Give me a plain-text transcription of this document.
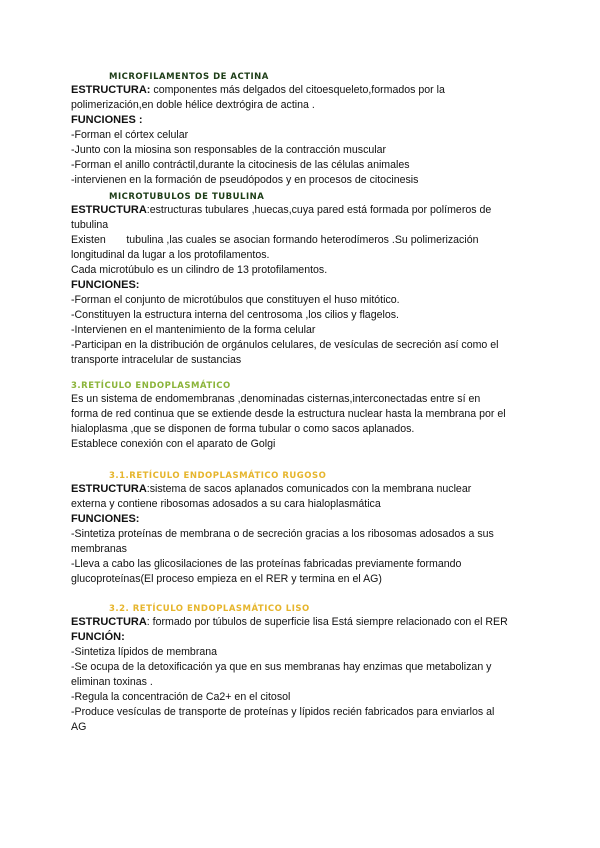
MICROFILAMENTOS DE ACTINA

ESTRUCTURA: componentes más delgados del citoesqueleto,formados por la

polimerización,en doble hélice dextrógira de actina .

FUNCIONES :

-Forman el córtex celular

-Junto con la miosina son responsables de la contracción muscular

-Forman el anillo contráctil,durante la citocinesis de las células animales

-intervienen en la formación de pseudópodos y en procesos de citocinesis

MICROTUBULOS DE TUBULINA

ESTRUCTURA:estructuras tubulares ,huecas,cuya pared está formada por polímeros de

tubulina

Existen       tubulina ,las cuales se asocian formando heterodímeros .Su polimerización

longitudinal da lugar a los protofilamentos.

Cada microtúbulo es un cilindro de 13 protofilamentos.

FUNCIONES:

-Forman el conjunto de microtúbulos que constituyen el huso mitótico.

-Constituyen la estructura interna del centrosoma ,los cilios y flagelos.

-Intervienen en el mantenimiento de la forma celular

-Participan en la distribución de orgánulos celulares, de vesículas de secreción así como el

transporte intracelular de sustancias

3.RETÍCULO ENDOPLASMÁTICO

Es un sistema de endomembranas ,denominadas cisternas,interconectadas entre sí en

forma de red continua que se extiende desde la estructura nuclear hasta la membrana por el

hialoplasma ,que se disponen de forma tubular o como sacos aplanados.

Establece conexión con el aparato de Golgi

3.1.RETÍCULO ENDOPLASMÁTICO RUGOSO

ESTRUCTURA:sistema de sacos aplanados comunicados con la membrana nuclear

externa y contiene ribosomas adosados a su cara hialoplasmática

FUNCIONES:

-Sintetiza proteínas de membrana o de secreción gracias a los ribosomas adosados a sus

membranas

-Lleva a cabo las glicosilaciones de las proteínas fabricadas previamente formando

glucoproteínas(El proceso empieza en el RER y termina en el AG)

3.2. RETÍCULO ENDOPLASMÁTICO LISO

ESTRUCTURA: formado por túbulos de superficie lisa Está siempre relacionado con el RER

FUNCIÓN:

-Sintetiza lípidos de membrana

-Se ocupa de la detoxificación ya que en sus membranas hay enzimas que metabolizan y

eliminan toxinas .

-Regula la concentración de Ca2+ en el citosol

-Produce vesículas de transporte de proteínas y lípidos recién fabricados para enviarlos al

AG
